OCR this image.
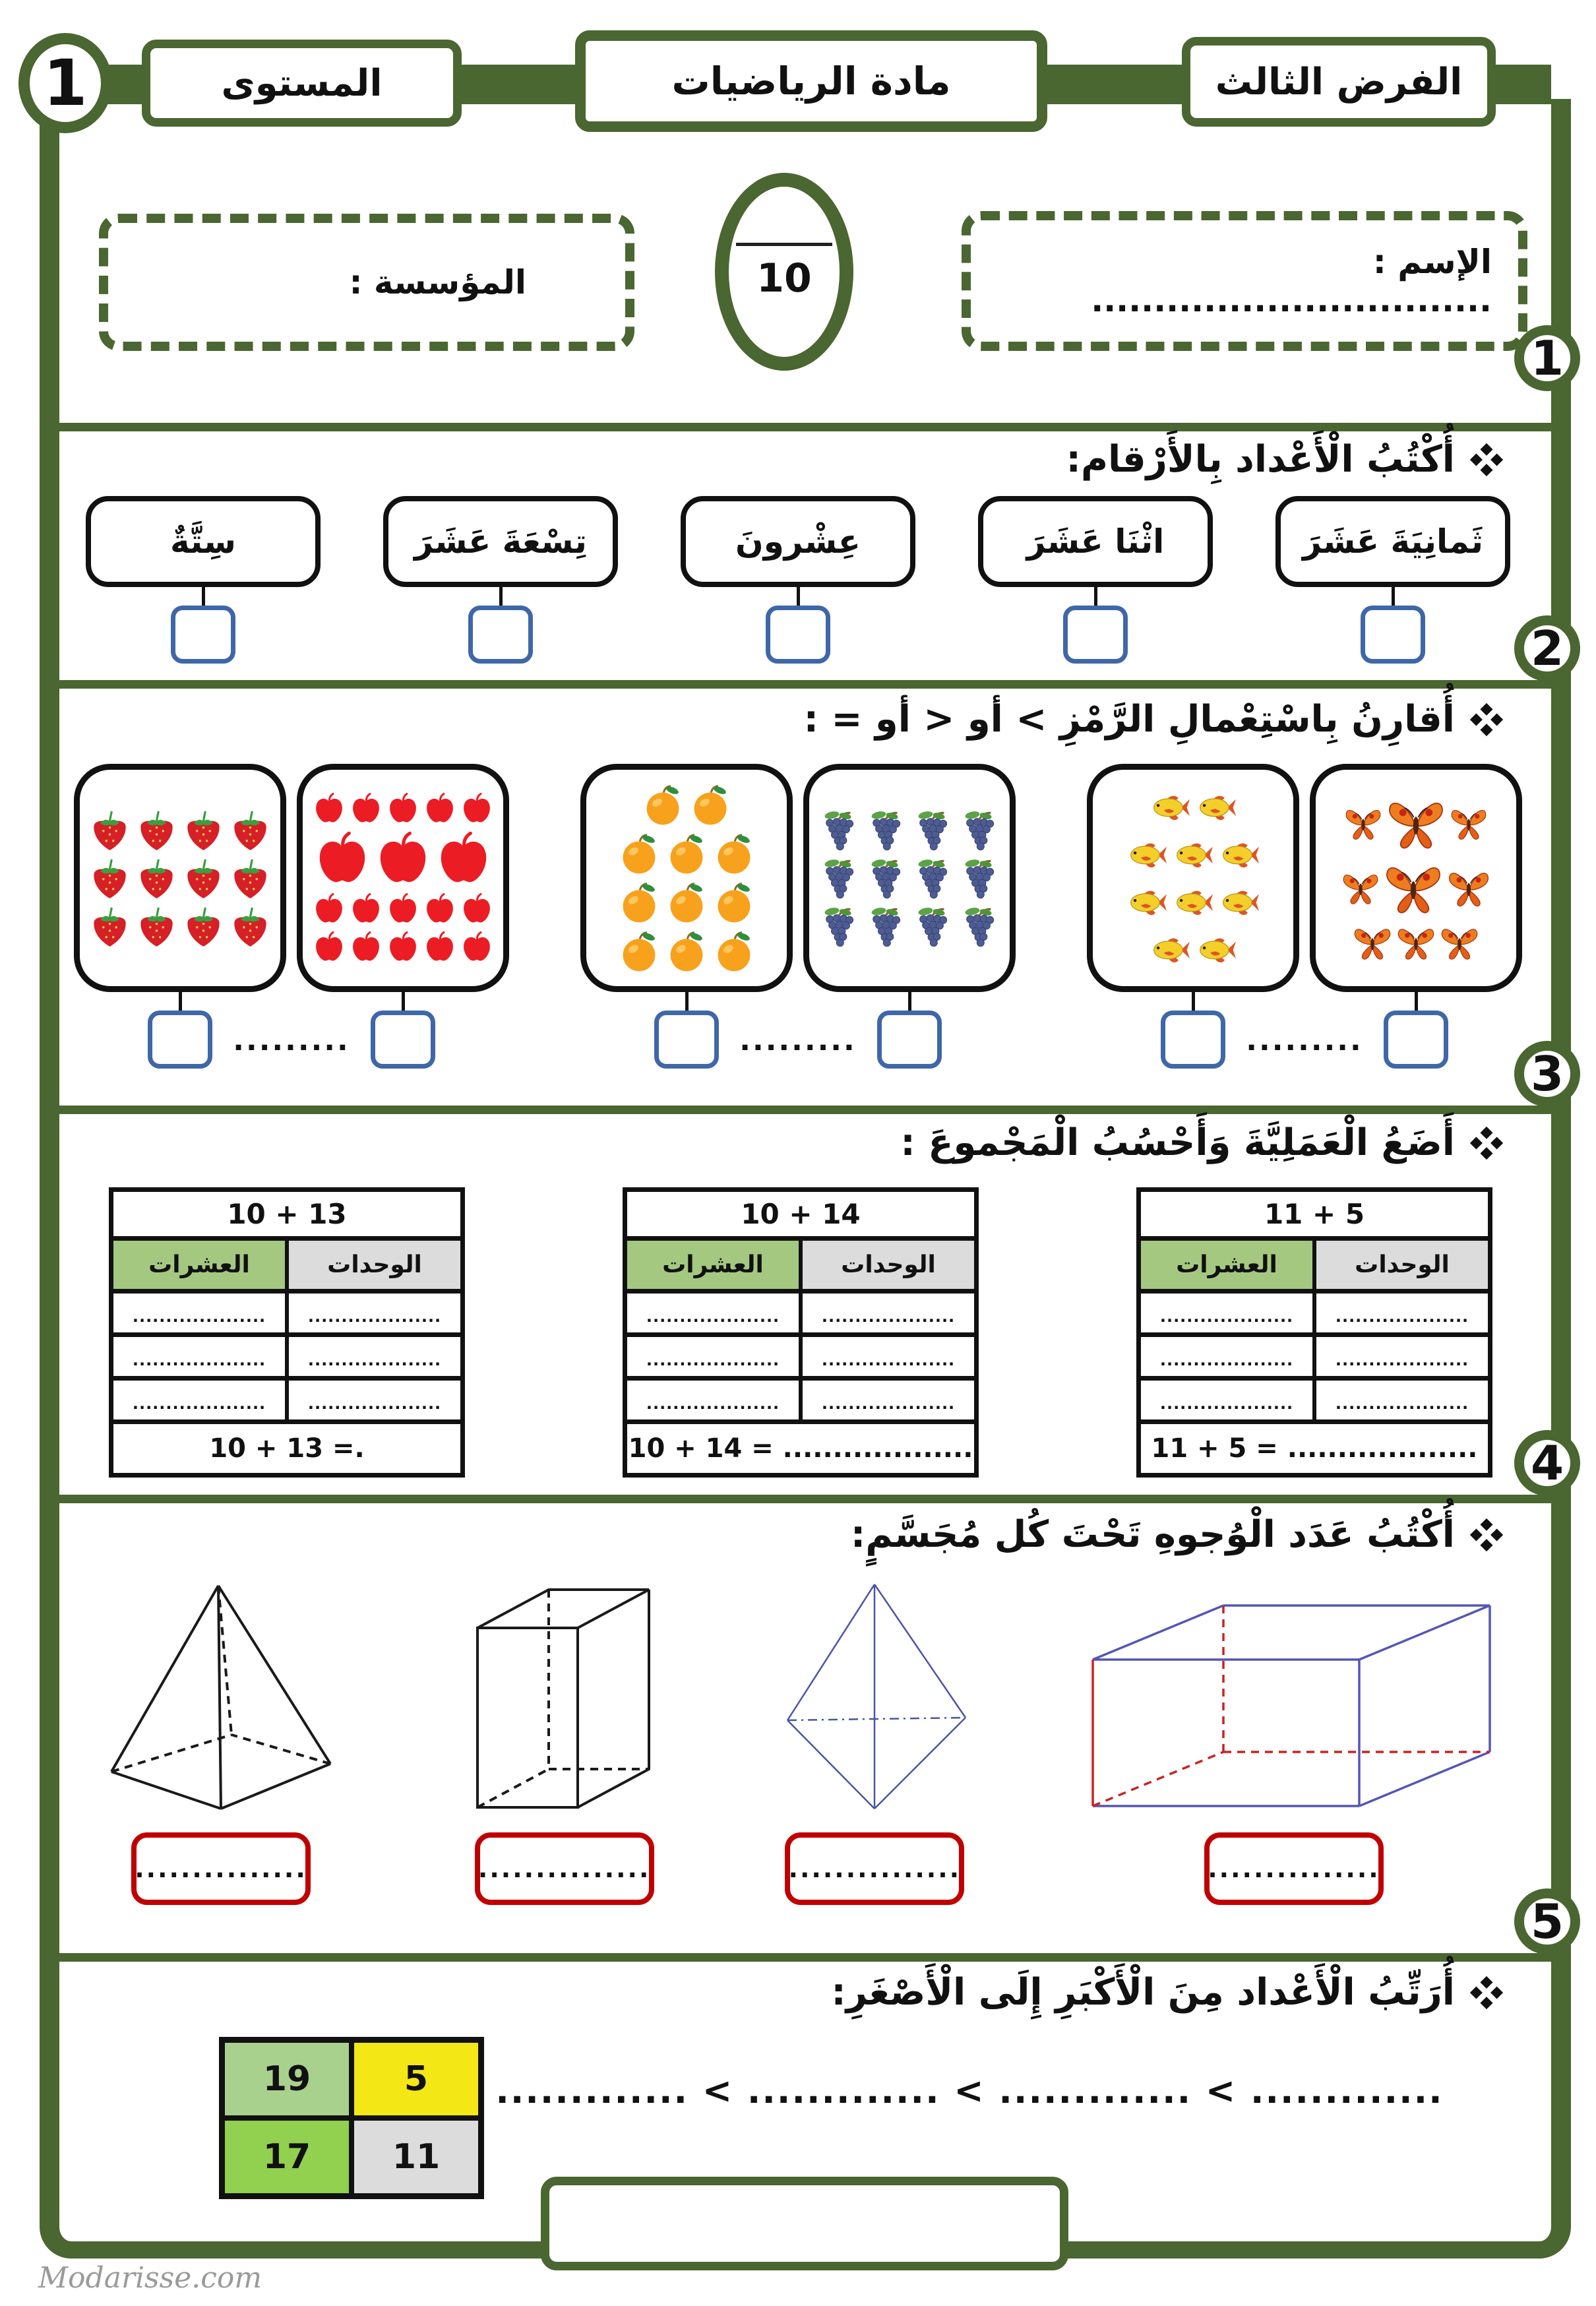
1
2
3
4
5
1	المستوى	مادة الرياضيات	الفرض الثالث
الإسم : ................................
10
المؤسسة :
أُكْتُبُ الْأَعْداد بِالأَرْقام:
أُقارِنُ بِاسْتِعْمالِ الرَّمْزِ > أو < أو = :
أَضَعُ الْعَمَلِيَّةَ وَأَحْسُبُ الْمَجْموعَ :
أُكْتُبُ عَدَد الْوُجوهِ تَحْتَ كُل مُجَسَّمٍ:
أُرَتِّبُ الْأَعْداد مِنَ الْأَكْبَرِ إِلَى الْأَصْغَرِ:
ثَمانِيَةَ عَشَرَ
اثْنَا عَشَرَ
عِشْرونَ
تِسْعَةَ عَشَرَ
سِتَّةٌ
.........	.........	.........
10 + 13
العشرات	الوحدات
....................	....................
....................	....................
....................	....................
10 + 13 =.
10 + 14
العشرات	الوحدات
....................	....................
....................	....................
....................	....................
10 + 14 = ...................
11 + 5
العشرات	الوحدات
....................	....................
....................	....................
....................	....................
11 + 5 = ...................
...............	...............	...............	...............
19	5
17	11
............. > ............. > ............. > .............
Modarisse.com
